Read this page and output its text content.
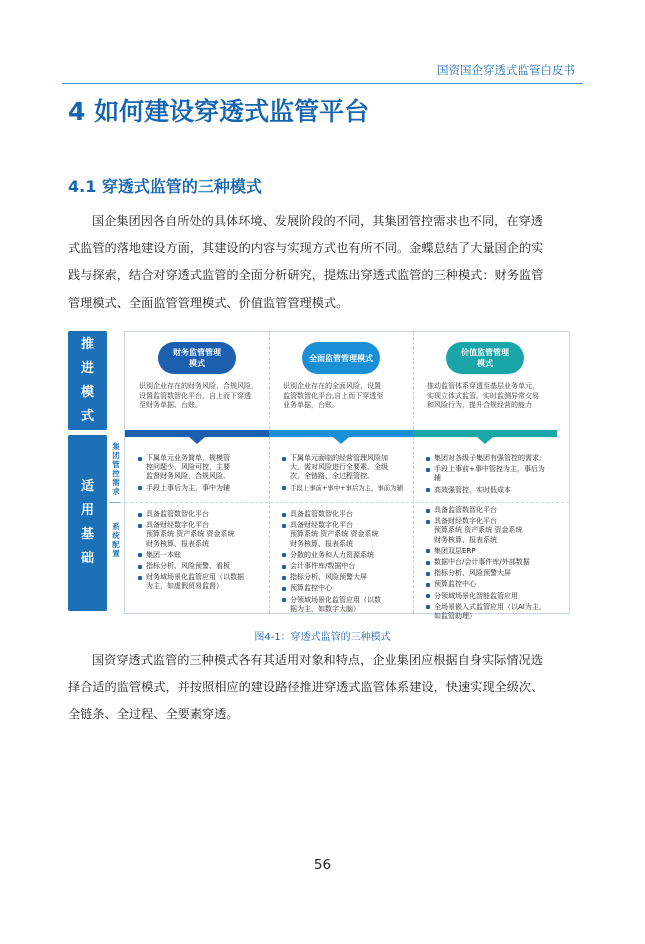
国资国企穿透式监管白皮书
4 如何建设穿透式监管平台
4.1 穿透式监管的三种模式
国企集团因各自所处的具体环境、发展阶段的不同，其集团管控需求也不同，在穿透
式监管的落地建设方面，其建设的内容与实现方式也有所不同。金蝶总结了大量国企的实
践与探索，结合对穿透式监管的全面分析研究，提炼出穿透式监管的三种模式：财务监管
管理模式、全面监管管理模式、价值监管管理模式。
推
进
模
式
适
用
基
础
集
团
管
控
需
求
系
统
配
置
财务监管管理
模式
识别企业存在的财务风险、合规风险，
设置监管数智化平台，自上而下穿透
至财务单据、台账。
下属单元业务简单，规模管
控问题少，风险可控，主要
监督财务风险，合规风险。
手段上事后为主，事中为辅
具备监管数智化平台
具备财经数字化平台
预算系统 资产系统 资金系统
财务核算、报表系统
集团一本账
指标分析、风险预警、看板
财务域场景化监管应用（以数据
为主，如虚假贸易监督）
全面监管管理模式
识别企业存在的全面风险，设置
监管数智化平台,自上而下穿透至
业务单据，台账。
下属单元面临的经营管理风险加
大，需对风险进行全要素、全级
次、全链路、全过程管控。
手段上事前+事中+事后为主，事前为辅
具备监管数智化平台
具备财经数字化平台
预算系统 资产系统 资金系统
财务核算、报表系统
分散的业务和人力资源系统
会计事件库/数据中台
指标分析、风险预警大屏
预算监控中心
分领域场景化监管应用（以数
据为主，如数字大脑）
价值监管管理
模式
推动监管体系穿透至基层业务单元，
实现立体式监管，实时监测异常交易
和风险行为，提升合规经营的能力
集团对各级子集团有强管控的需求;
手段上事前+事中管控为主，事后为
辅
高效强管控，实时低成本
具备监管数智化平台
具备财经数字化平台
预算系统 资产系统 资金系统
财务核算、报表系统
集团双层ERP
数据中台/会计事件库/外部数据
指标分析、风险预警大屏
预算监控中心
分领域场景化智能监管应用
全场景嵌入式监管应用（以AI为主，
如监管助理）
图4-1：穿透式监管的三种模式
国资穿透式监管的三种模式各有其适用对象和特点，企业集团应根据自身实际情况选
择合适的监管模式，并按照相应的建设路径推进穿透式监管体系建设，快速实现全级次、
全链条、全过程、全要素穿透。
56
